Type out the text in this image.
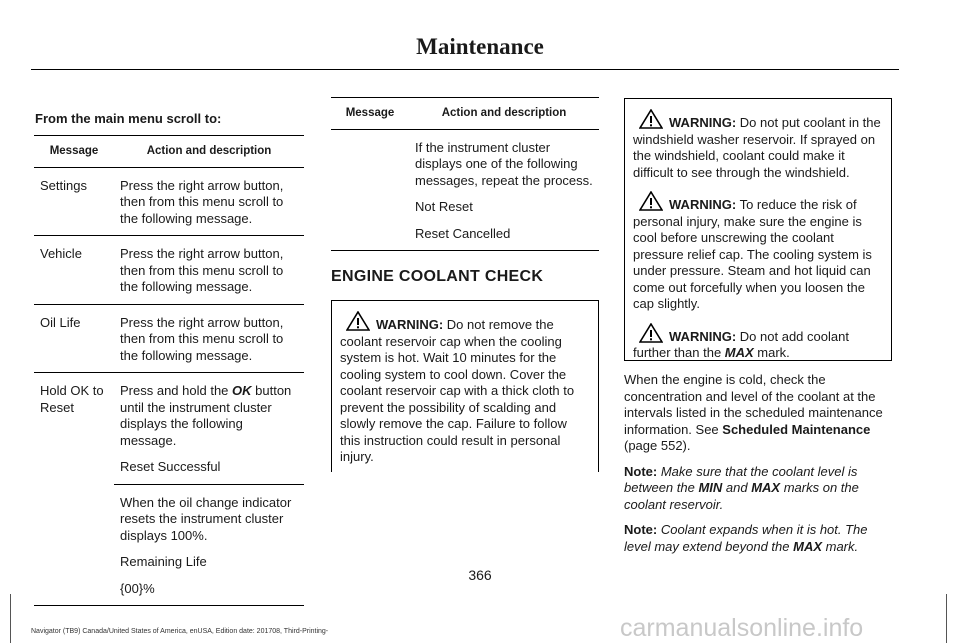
Maintenance
From the main menu scroll to:
Message	Action and description
Settings	Press the right arrow button, then from this menu scroll to the following message.
Vehicle	Press the right arrow button, then from this menu scroll to the following message.
Oil Life	Press the right arrow button, then from this menu scroll to the following message.
Hold OK to Reset	Press and hold the OK button until the instrument cluster displays the following message.

Reset Successful

	When the oil change indicator resets the instrument cluster displays 100%.

Remaining Life

{00}%

Message	Action and description

	If the instrument cluster displays one of the following messages, repeat the process.

Not Reset

Reset Cancelled

ENGINE COOLANT CHECK

WARNING: Do not remove the coolant reservoir cap when the cooling system is hot. Wait 10 minutes for the cooling system to cool down. Cover the coolant reservoir cap with a thick cloth to prevent the possibility of scalding and slowly remove the cap. Failure to follow this instruction could result in personal injury.

WARNING: Do not put coolant in the windshield washer reservoir. If sprayed on the windshield, coolant could make it difficult to see through the windshield.

WARNING: To reduce the risk of personal injury, make sure the engine is cool before unscrewing the coolant pressure relief cap. The cooling system is under pressure. Steam and hot liquid can come out forcefully when you loosen the cap slightly.

WARNING: Do not add coolant further than the MAX mark.

When the engine is cold, check the concentration and level of the coolant at the intervals listed in the scheduled maintenance information. See Scheduled Maintenance (page 552).

Note: Make sure that the coolant level is between the MIN and MAX marks on the coolant reservoir.

Note: Coolant expands when it is hot. The level may extend beyond the MAX mark.

366
Navigator (TB9) Canada/United States of America, enUSA, Edition date: 201708, Third-Printing-	carmanualsonline.info
